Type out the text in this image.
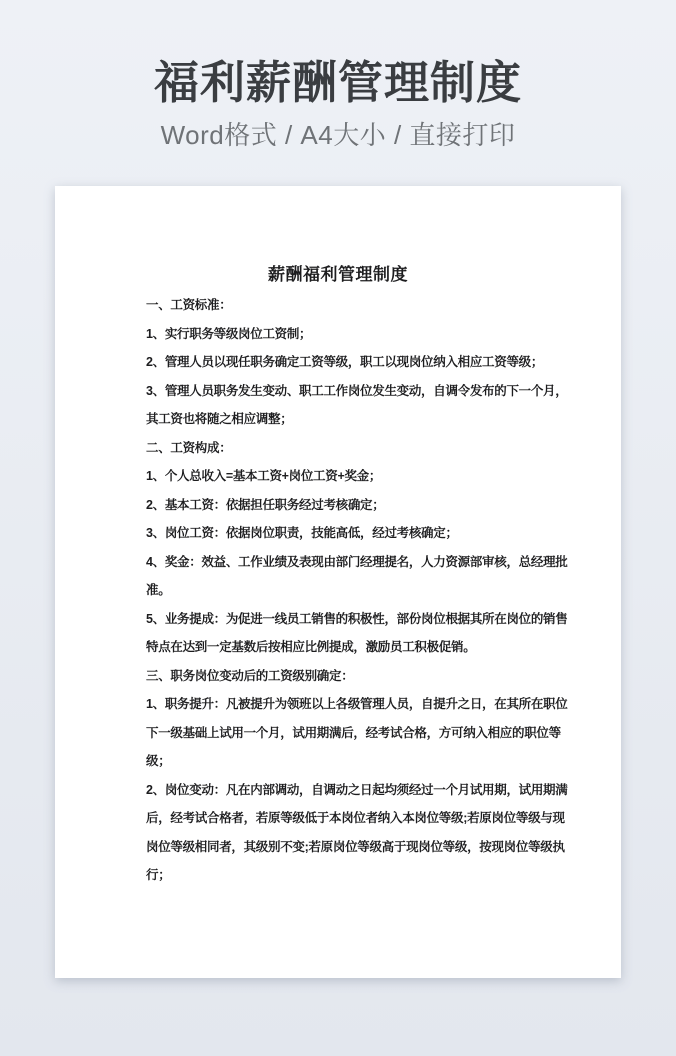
福利薪酬管理制度
Word格式 / A4大小 / 直接打印
薪酬福利管理制度
一、工资标准：
1、实行职务等级岗位工资制；
2、管理人员以现任职务确定工资等级，职工以现岗位纳入相应工资等级；
3、管理人员职务发生变动、职工工作岗位发生变动，自调令发布的下一个月，
其工资也将随之相应调整；
二、工资构成：
1、个人总收入=基本工资+岗位工资+奖金；
2、基本工资：依据担任职务经过考核确定；
3、岗位工资：依据岗位职责，技能高低，经过考核确定；
4、奖金：效益、工作业绩及表现由部门经理提名，人力资源部审核，总经理批
准。
5、业务提成：为促进一线员工销售的积极性，部份岗位根据其所在岗位的销售
特点在达到一定基数后按相应比例提成，激励员工积极促销。
三、职务岗位变动后的工资级别确定：
1、职务提升：凡被提升为领班以上各级管理人员，自提升之日，在其所在职位
下一级基础上试用一个月，试用期满后，经考试合格，方可纳入相应的职位等
级；
2、岗位变动：凡在内部调动，自调动之日起均须经过一个月试用期，试用期满
后，经考试合格者，若原等级低于本岗位者纳入本岗位等级;若原岗位等级与现
岗位等级相同者，其级别不变;若原岗位等级高于现岗位等级，按现岗位等级执
行；
